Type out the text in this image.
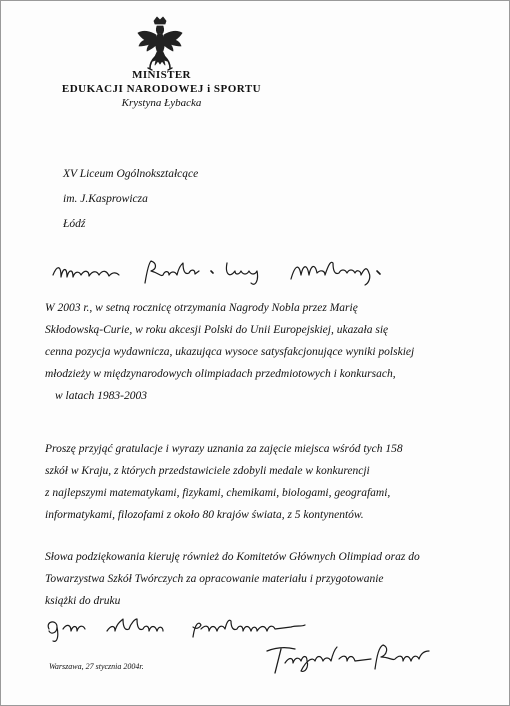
MINISTER
EDUKACJI NARODOWEJ i SPORTU
Krystyna Łybacka
XV Liceum Ogólnokształcące
im. J.Kasprowicza
Łódź
W 2003 r., w setną rocznicę otrzymania Nagrody Nobla przez Marię
Skłodowską-Curie, w roku akcesji Polski do Unii Europejskiej, ukazała się
cenna pozycja wydawnicza, ukazująca wysoce satysfakcjonujące wyniki polskiej
młodzieży w międzynarodowych olimpiadach przedmiotowych i konkursach,
w latach 1983-2003
Proszę przyjąć gratulacje i wyrazy uznania za zajęcie miejsca wśród tych 158
szkół w Kraju, z których przedstawiciele zdobyli medale w konkurencji
z najlepszymi matematykami, fizykami, chemikami, biologami, geografami,
informatykami, filozofami z około 80 krajów świata, z 5 kontynentów.
Słowa podziękowania kieruję również do Komitetów Głównych Olimpiad oraz do
Towarzystwa Szkół Twórczych za opracowanie materiału i przygotowanie
książki do druku
Warszawa, 27 stycznia 2004r.
